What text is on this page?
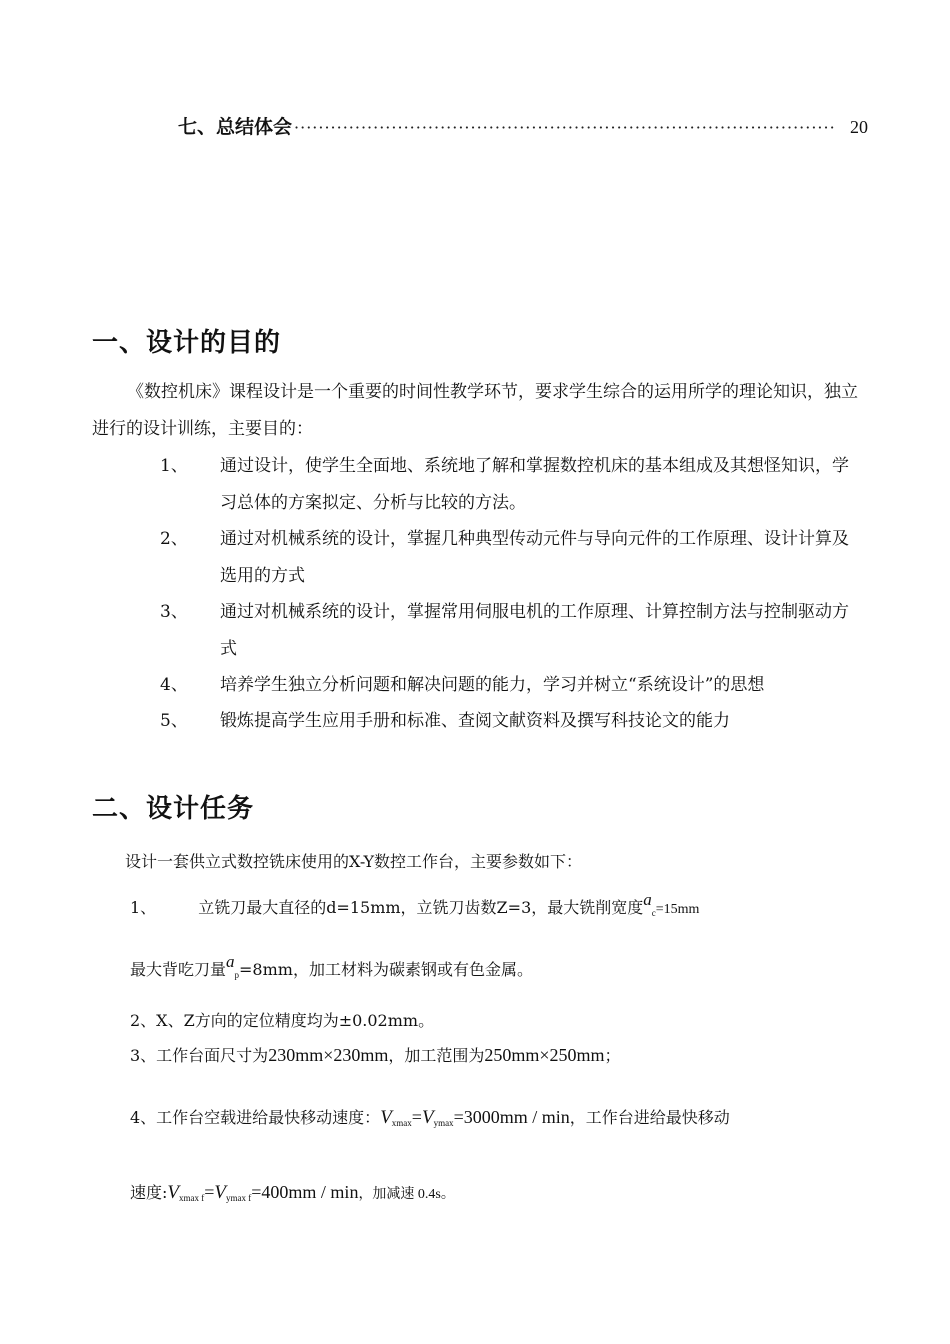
七、总结体会 ························································································· 20
一、设计的目的

《数控机床》课程设计是一个重要的时间性教学环节，要求学生综合的运用所学的理论知识，独立进行的设计训练，主要目的：

1、	通过设计，使学生全面地、系统地了解和掌握数控机床的基本组成及其想怪知识，学习总体的方案拟定、分析与比较的方法。
2、	通过对机械系统的设计，掌握几种典型传动元件与导向元件的工作原理、设计计算及选用的方式
3、	通过对机械系统的设计，掌握常用伺服电机的工作原理、计算控制方法与控制驱动方式
4、	培养学生独立分析问题和解决问题的能力，学习并树立“系统设计”的思想
5、	锻炼提高学生应用手册和标准、查阅文献资料及撰写科技论文的能力
二、设计任务
设计一套供立式数控铣床使用的X-Y数控工作台，主要参数如下：
1、	立铣刀最大直径的d=15mm，立铣刀齿数Z=3，最大铣削宽度$a_c=15mm$
最大背吃刀量$a_p=8mm$，加工材料为碳素钢或有色金属。
2、X、Z方向的定位精度均为±0.02mm。
3、工作台面尺寸为230mm×230mm，加工范围为250mm×250mm；
4、工作台空载进给最快移动速度：$V_{xmax}=V_{ymax}=3000mm / \min$，工作台进给最快移动
速度$:V_{xmax f}=V_{ymax f}=400mm / \min$，加减速 0.4s。
